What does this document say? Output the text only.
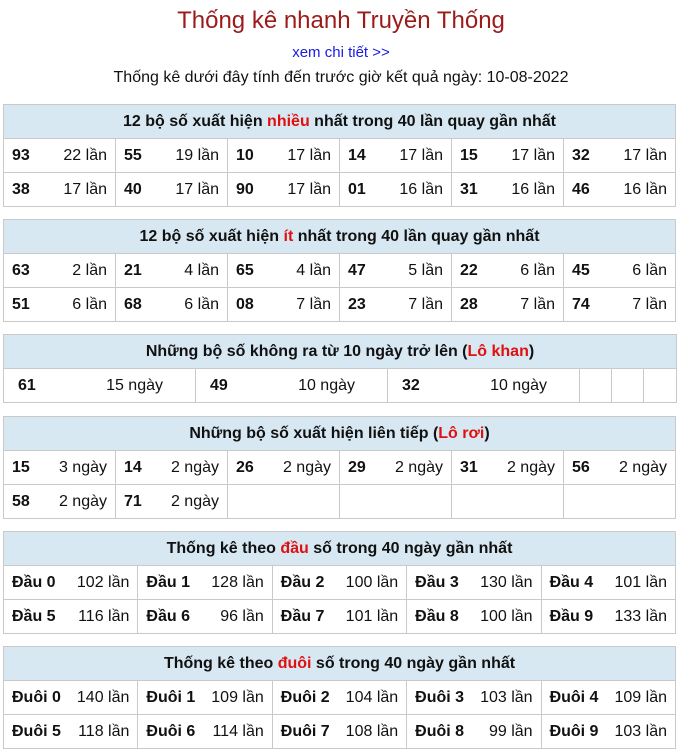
Thống kê nhanh Truyền Thống
xem chi tiết >>
Thống kê dưới đây tính đến trước giờ kết quả ngày: 10-08-2022
12 bộ số xuất hiện nhiều nhất trong 40 lần quay gần nhất					

93 22 lần	55 19 lần	10 17 lần	14 17 lần	15 17 lần	32 17 lần

38 17 lần	40 17 lần	90 17 lần	01 16 lần	31 16 lần	46 16 lần
12 bộ số xuất hiện ít nhất trong 40 lần quay gần nhất					

63 2 lần	21 4 lần	65 4 lần	47 5 lần	22 6 lần	45 6 lần

51 6 lần	68 6 lần	08 7 lần	23 7 lần	28 7 lần	74 7 lần
Những bộ số không ra từ 10 ngày trở lên (Lô khan)

61	15 ngày	49	10 ngày	32	10 ngày

Những bộ số xuất hiện liên tiếp (Lô rơi)					

15 3 ngày	14 2 ngày	26 2 ngày	29 2 ngày	31 2 ngày	56 2 ngày

58 2 ngày	71 2 ngày				

Thống kê theo đầu số trong 40 ngày gần nhất				

Đầu 0 102 lần	Đầu 1 128 lần	Đầu 2 100 lần	Đầu 3 130 lần	Đầu 4 101 lần

Đầu 5 116 lần	Đầu 6 96 lần	Đầu 7 101 lần	Đầu 8 100 lần	Đầu 9 133 lần
Thống kê theo đuôi số trong 40 ngày gần nhất				

Đuôi 0 140 lần	Đuôi 1 109 lần	Đuôi 2 104 lần	Đuôi 3 103 lần	Đuôi 4 109 lần

Đuôi 5 118 lần	Đuôi 6 114 lần	Đuôi 7 108 lần	Đuôi 8 99 lần	Đuôi 9 103 lần
